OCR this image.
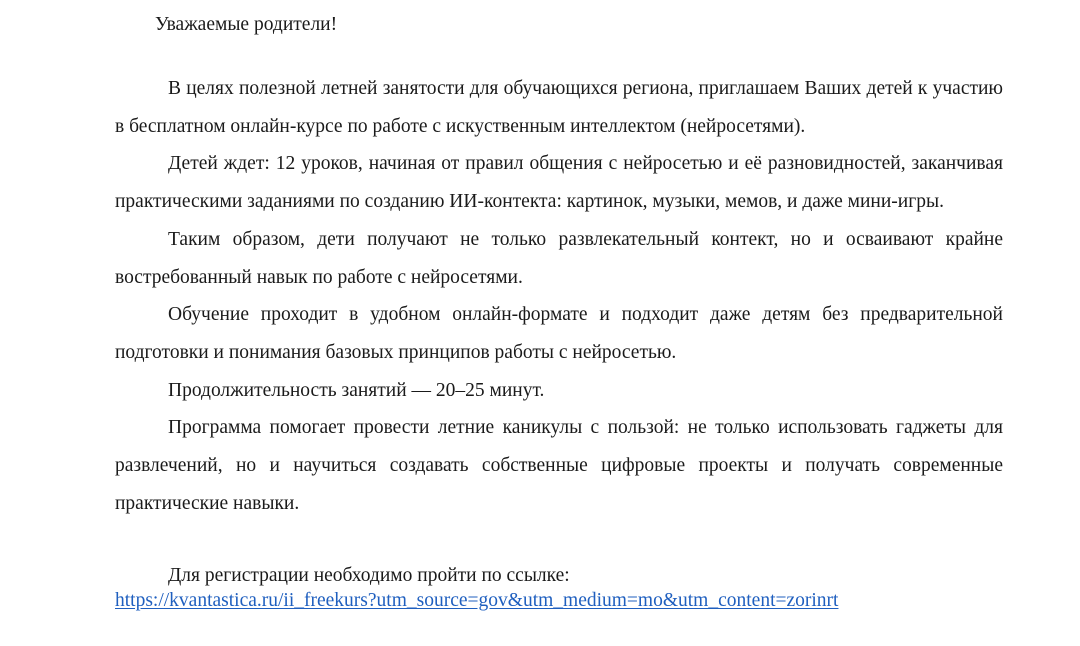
Уважаемые родители!

В целях полезной летней занятости для обучающихся региона, приглашаем Ваших детей к участию в бесплатном онлайн-курсе по работе с искуственным интеллектом (нейросетями).

Детей ждет: 12 уроков, начиная от правил общения с нейросетью и её разновидностей, заканчивая практическими заданиями по созданию ИИ-контекта: картинок, музыки, мемов, и даже мини-игры.

Таким образом, дети получают не только развлекательный контект, но и осваивают крайне востребованный навык по работе с нейросетями.

Обучение проходит в удобном онлайн-формате и подходит даже детям без предварительной подготовки и понимания базовых принципов работы с нейросетью.

Продолжительность занятий — 20–25 минут.

Программа помогает провести летние каникулы с пользой: не только использовать гаджеты для развлечений, но и научиться создавать собственные цифровые проекты и получать современные практические навыки.

Для регистрации необходимо пройти по ссылке:

https://kvantastica.ru/ii_freekurs?utm_source=gov&utm_medium=mo&utm_content=zorinrt
